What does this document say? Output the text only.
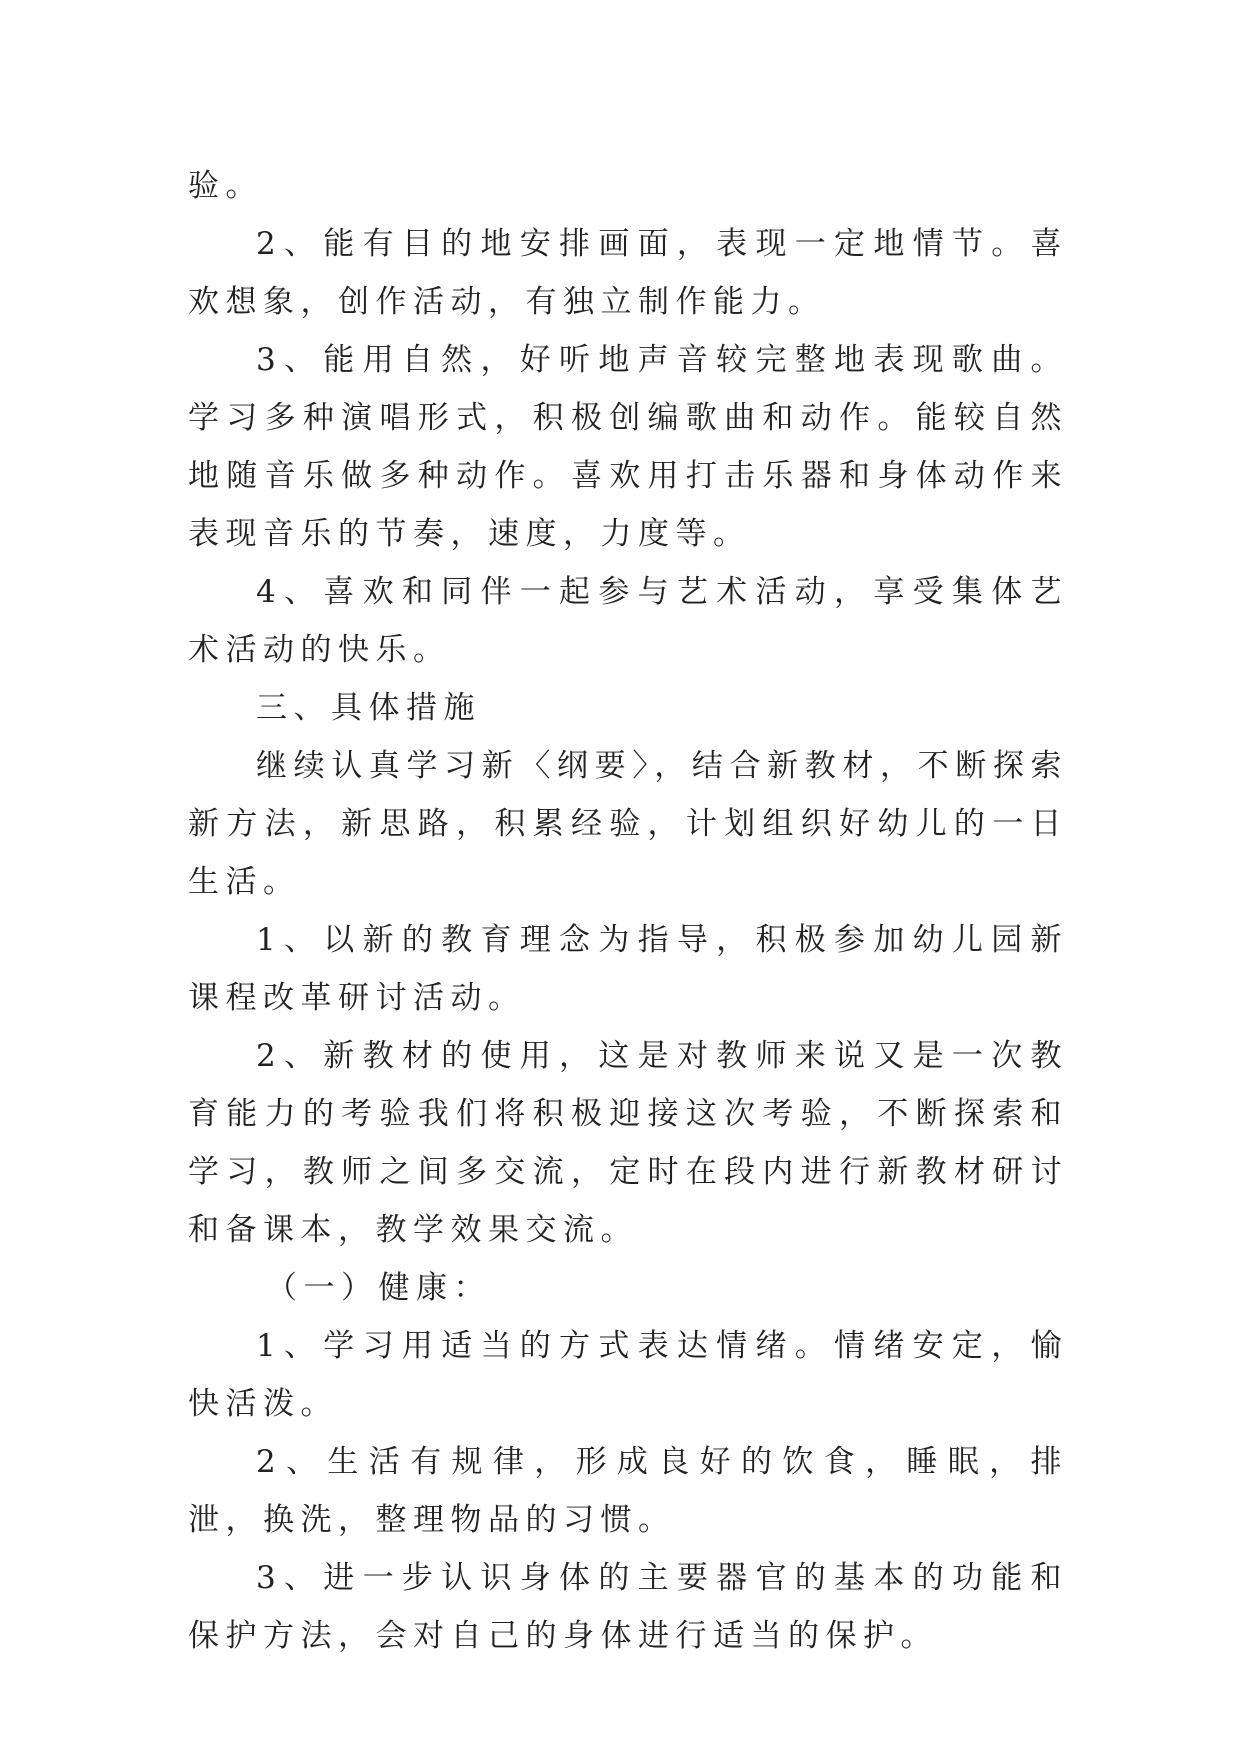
验。

2、能有目的地安排画面，表现一定地情节。喜欢想象，创作活动，有独立制作能力。

3、能用自然，好听地声音较完整地表现歌曲。学习多种演唱形式，积极创编歌曲和动作。能较自然地随音乐做多种动作。喜欢用打击乐器和身体动作来表现音乐的节奏，速度，力度等。

4、喜欢和同伴一起参与艺术活动，享受集体艺术活动的快乐。

三、具体措施

继续认真学习新〈纲要〉，结合新教材，不断探索新方法，新思路，积累经验，计划组织好幼儿的一日生活。

1、以新的教育理念为指导，积极参加幼儿园新课程改革研讨活动。

2、新教材的使用，这是对教师来说又是一次教育能力的考验我们将积极迎接这次考验，不断探索和学习，教师之间多交流，定时在段内进行新教材研讨和备课本，教学效果交流。

（一）健康：

1、学习用适当的方式表达情绪。情绪安定，愉快活泼。

2、生活有规律，形成良好的饮食，睡眠，排泄，换洗，整理物品的习惯。

3、进一步认识身体的主要器官的基本的功能和保护方法，会对自己的身体进行适当的保护。
